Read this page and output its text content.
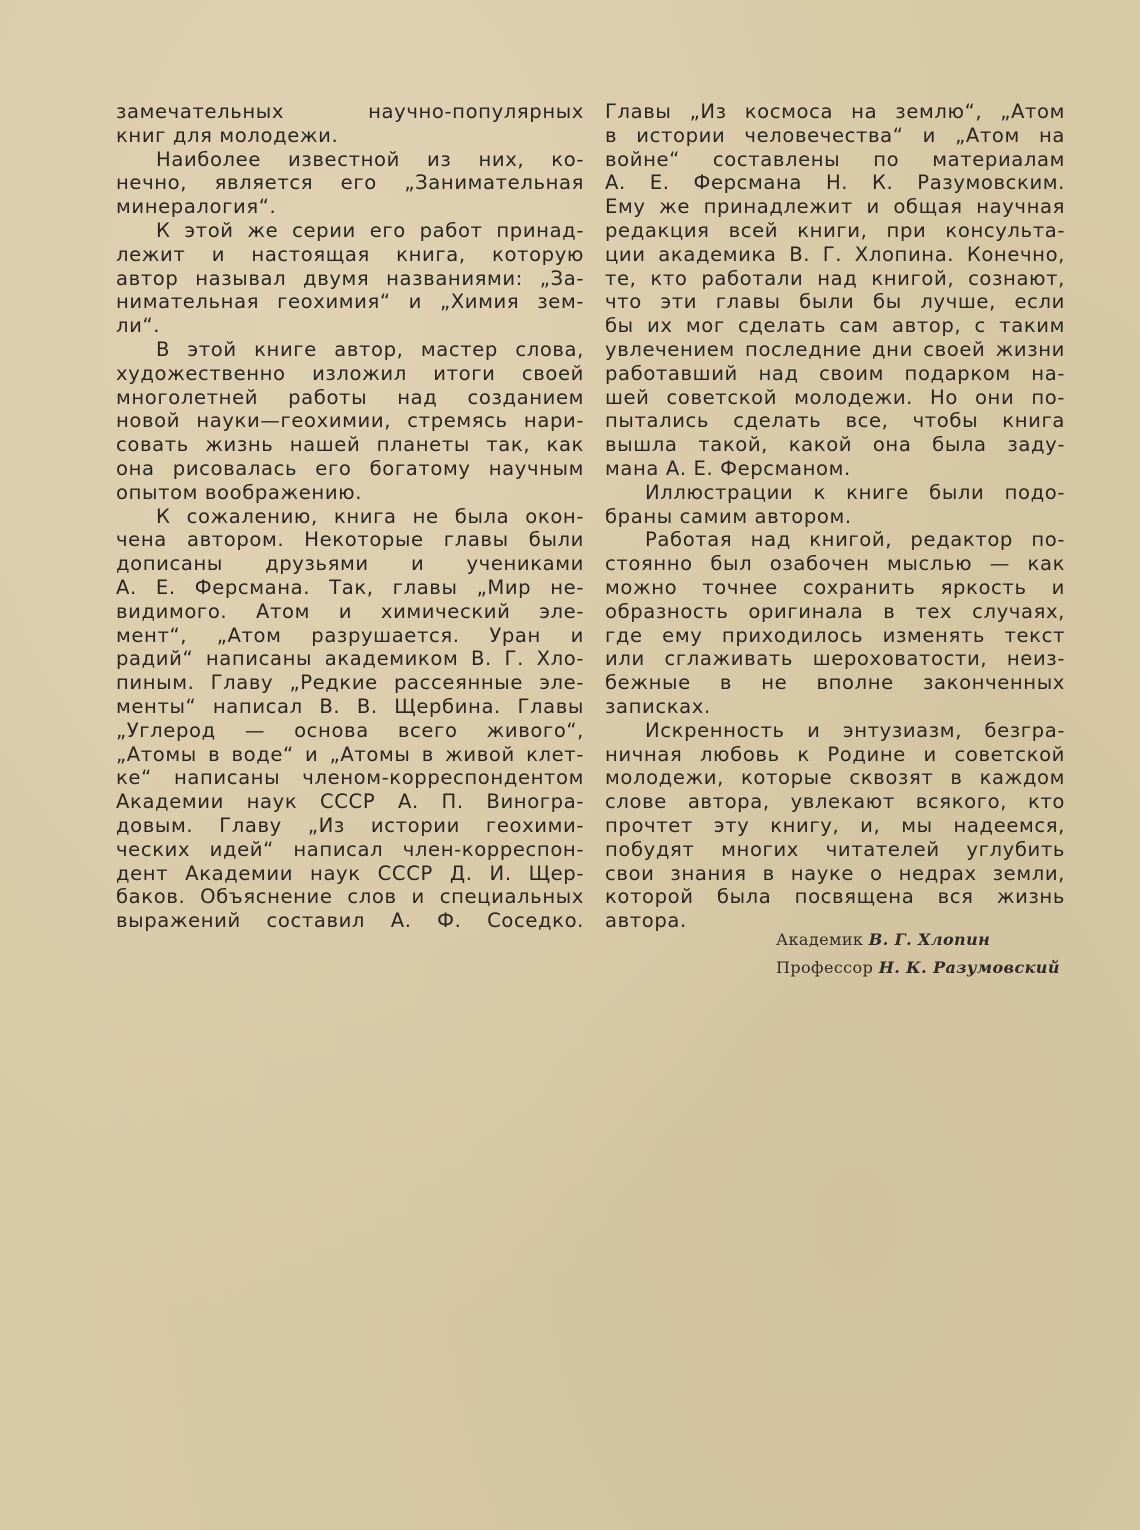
замечательных научно-популярных
книг для молодежи.
Наиболее известной из них, ко-
нечно, является его „Занимательная
минералогия“.
К этой же серии его работ принад-
лежит и настоящая книга, которую
автор называл двумя названиями: „За-
нимательная геохимия“ и „Химия зем-
ли“.
В этой книге автор, мастер слова,
художественно изложил итоги своей
многолетней работы над созданием
новой науки—геохимии, стремясь нари-
совать жизнь нашей планеты так, как
она рисовалась его богатому научным
опытом воображению.
К сожалению, книга не была окон-
чена автором. Некоторые главы были
дописаны друзьями и учениками
А. Е. Ферсмана. Так, главы „Мир не-
видимого. Атом и химический эле-
мент“, „Атом разрушается. Уран и
радий“ написаны академиком В. Г. Хло-
пиным. Главу „Редкие рассеянные эле-
менты“ написал В. В. Щербина. Главы
„Углерод — основа всего живого“,
„Атомы в воде“ и „Атомы в живой клет-
ке“ написаны членом-корреспондентом
Академии наук СССР А. П. Виногра-
довым. Главу „Из истории геохими-
ческих идей“ написал член-корреспон-
дент Академии наук СССР Д. И. Щер-
баков. Объяснение слов и специальных
выражений составил А. Ф. Соседко.
Главы „Из космоса на землю“, „Атом
в истории человечества“ и „Атом на
войне“ составлены по материалам
А. Е. Ферсмана Н. К. Разумовским.
Ему же принадлежит и общая научная
редакция всей книги, при консульта-
ции академика В. Г. Хлопина. Конечно,
те, кто работали над книгой, сознают,
что эти главы были бы лучше, если
бы их мог сделать сам автор, с таким
увлечением последние дни своей жизни
работавший над своим подарком на-
шей советской молодежи. Но они по-
пытались сделать все, чтобы книга
вышла такой, какой она была заду-
мана А. Е. Ферсманом.
Иллюстрации к книге были подо-
браны самим автором.
Работая над книгой, редактор по-
стоянно был озабочен мыслью — как
можно точнее сохранить яркость и
образность оригинала в тех случаях,
где ему приходилось изменять текст
или сглаживать шероховатости, неиз-
бежные в не вполне законченных
записках.
Искренность и энтузиазм, безгра-
ничная любовь к Родине и советской
молодежи, которые сквозят в каждом
слове автора, увлекают всякого, кто
прочтет эту книгу, и, мы надеемся,
побудят многих читателей углубить
свои знания в науке о недрах земли,
которой была посвящена вся жизнь
автора.
Академик В. Г. Хлопин
Профессор Н. К. Разумовский
